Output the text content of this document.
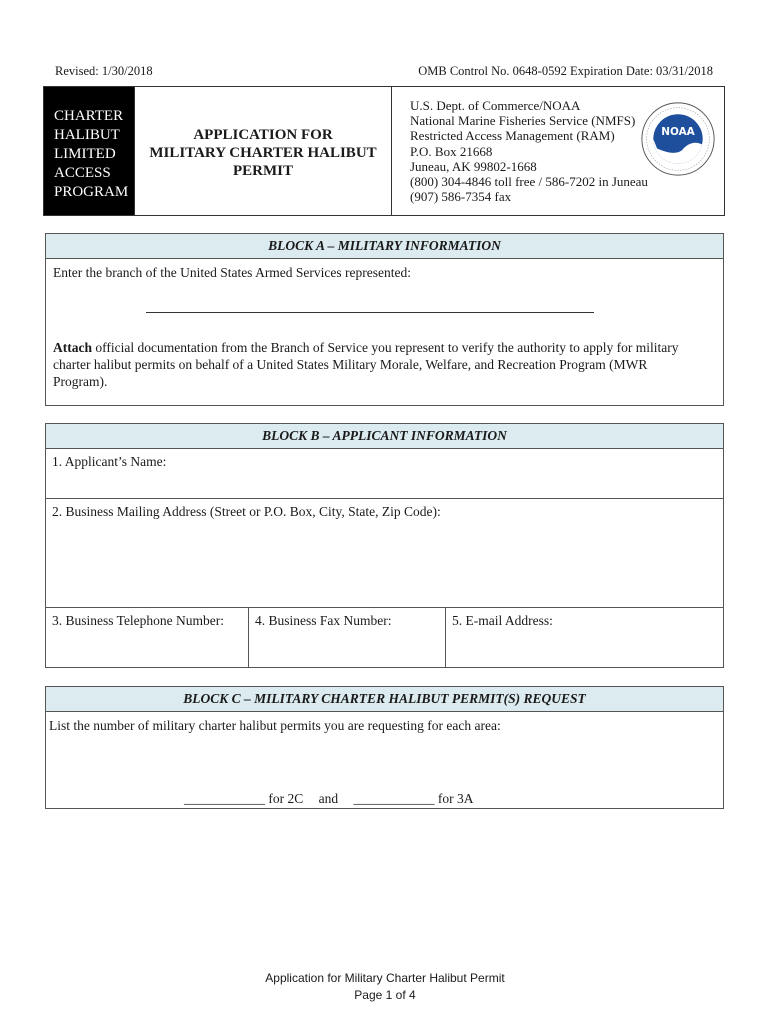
Revised: 1/30/2018	OMB Control No. 0648-0592 Expiration Date: 03/31/2018
CHARTER
HALIBUT
LIMITED
ACCESS
PROGRAM
APPLICATION FOR
MILITARY CHARTER HALIBUT
PERMIT
U.S. Dept. of Commerce/NOAA
National Marine Fisheries Service (NMFS)
Restricted Access Management (RAM)
P.O. Box 21668
Juneau, AK 99802-1668
(800) 304-4846 toll free / 586-7202 in Juneau
(907) 586-7354 fax
NOAA
BLOCK A – MILITARY INFORMATION
Enter the branch of the United States Armed Services represented:
Attach official documentation from the Branch of Service you represent to verify the authority to apply for military charter halibut permits on behalf of a United States Military Morale, Welfare, and Recreation Program (MWR Program).
BLOCK B – APPLICANT INFORMATION
1. Applicant’s Name:
2. Business Mailing Address (Street or P.O. Box, City, State, Zip Code):
3. Business Telephone Number:	4. Business Fax Number:	5. E-mail Address:
BLOCK C – MILITARY CHARTER HALIBUT PERMIT(S) REQUEST
List the number of military charter halibut permits you are requesting for each area:
____________ for 2C and ____________ for 3A
Application for Military Charter Halibut Permit
Page 1 of 4
